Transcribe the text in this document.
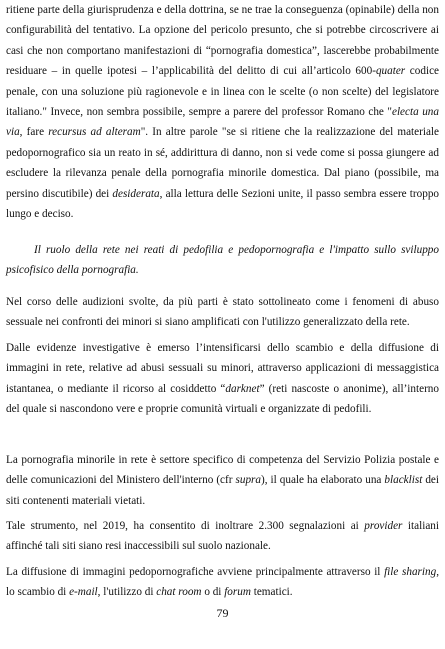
ritiene parte della giurisprudenza e della dottrina, se ne trae la conseguenza (opinabile) della non configurabilità del tentativo. La opzione del pericolo presunto, che si potrebbe circoscrivere ai casi che non comportano manifestazioni di “pornografia domestica”, lascerebbe probabilmente residuare – in quelle ipotesi – l’applicabilità del delitto di cui all’articolo 600-quater codice penale, con una soluzione più ragionevole e in linea con le scelte (o non scelte) del legislatore italiano." Invece, non sembra possibile, sempre a parere del professor Romano che "electa una via, fare recursus ad alteram". In altre parole "se si ritiene che la realizzazione del materiale pedopornografico sia un reato in sé, addirittura di danno, non si vede come si possa giungere ad escludere la rilevanza penale della pornografia minorile domestica. Dal piano (possibile, ma persino discutibile) dei desiderata, alla lettura delle Sezioni unite, il passo sembra essere troppo lungo e deciso.

Il ruolo della rete nei reati di pedofilia e pedopornografia e l'impatto sullo sviluppo psicofisico della pornografia.

Nel corso delle audizioni svolte, da più parti è stato sottolineato come i fenomeni di abuso sessuale nei confronti dei minori si siano amplificati con l'utilizzo generalizzato della rete.

Dalle evidenze investigative è emerso l’intensificarsi dello scambio e della diffusione di immagini in rete, relative ad abusi sessuali su minori, attraverso applicazioni di messaggistica istantanea, o mediante il ricorso al cosiddetto “darknet” (reti nascoste o anonime), all’interno del quale si nascondono vere e proprie comunità virtuali e organizzate di pedofili.

La pornografia minorile in rete è settore specifico di competenza del Servizio Polizia postale e delle comunicazioni del Ministero dell'interno (cfr supra), il quale ha elaborato una blacklist dei siti contenenti materiali vietati.

Tale strumento, nel 2019, ha consentito di inoltrare 2.300 segnalazioni ai provider italiani affinché tali siti siano resi inaccessibili sul suolo nazionale.

La diffusione di immagini pedopornografiche avviene principalmente attraverso il file sharing, lo scambio di e-mail, l'utilizzo di chat room o di forum tematici.

79
